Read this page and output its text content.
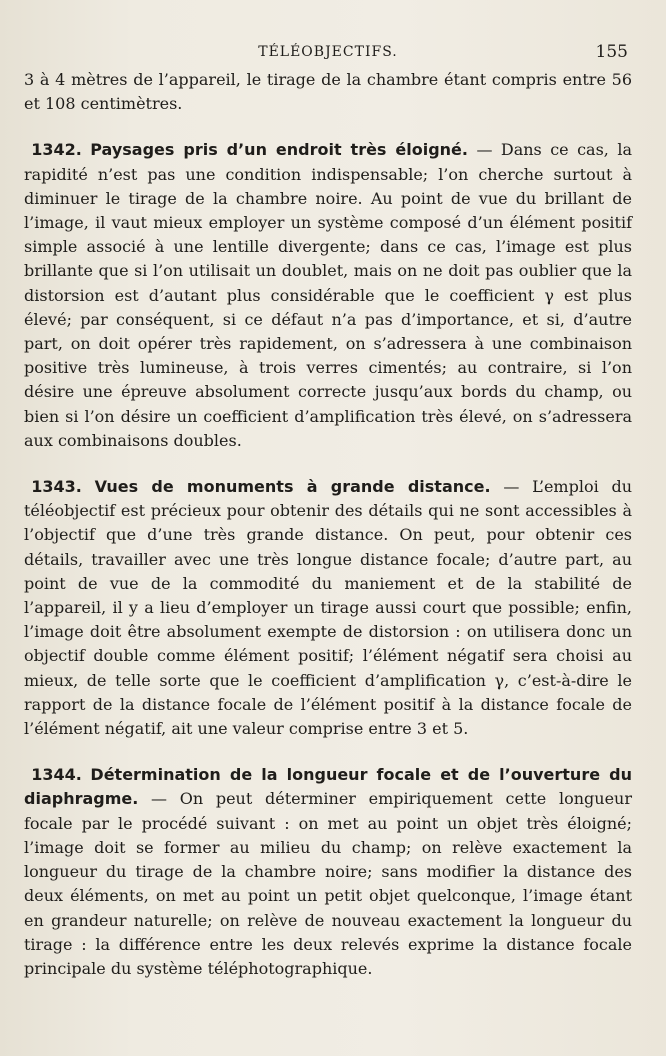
TÉLÉOBJECTIFS.	155

3 à 4 mètres de l’appareil, le tirage de la chambre étant compris entre 56 et 108 centimètres.

1342. Paysages pris d’un endroit très éloigné. — Dans ce cas, la rapidité n’est pas une condition indispensable; l’on cherche surtout à diminuer le tirage de la chambre noire. Au point de vue du brillant de l’image, il vaut mieux employer un système composé d’un élément positif simple associé à une lentille divergente; dans ce cas, l’image est plus brillante que si l’on utilisait un doublet, mais on ne doit pas oublier que la distorsion est d’autant plus considérable que le coefficient γ est plus élevé; par conséquent, si ce défaut n’a pas d’importance, et si, d’autre part, on doit opérer très rapidement, on s’adressera à une combinaison positive très lumineuse, à trois verres cimentés; au contraire, si l’on désire une épreuve absolument correcte jusqu’aux bords du champ, ou bien si l’on désire un coefficient d’amplification très élevé, on s’adressera aux combinaisons doubles.

1343. Vues de monuments à grande distance. — L’emploi du téléobjectif est précieux pour obtenir des détails qui ne sont accessibles à l’objectif que d’une très grande distance. On peut, pour obtenir ces détails, travailler avec une très longue distance focale; d’autre part, au point de vue de la commodité du maniement et de la stabilité de l’appareil, il y a lieu d’employer un tirage aussi court que possible; enfin, l’image doit être absolument exempte de distorsion : on utilisera donc un objectif double comme élément positif; l’élément négatif sera choisi au mieux, de telle sorte que le coefficient d’amplification γ, c’est-à-dire le rapport de la distance focale de l’élément positif à la distance focale de l’élément négatif, ait une valeur comprise entre 3 et 5.

1344. Détermination de la longueur focale et de l’ouverture du diaphragme. — On peut déterminer empiriquement cette longueur focale par le procédé suivant : on met au point un objet très éloigné; l’image doit se former au milieu du champ; on relève exactement la longueur du tirage de la chambre noire; sans modifier la distance des deux éléments, on met au point un petit objet quelconque, l’image étant en grandeur naturelle; on relève de nouveau exactement la longueur du tirage : la différence entre les deux relevés exprime la distance focale principale du système téléphotographique.
